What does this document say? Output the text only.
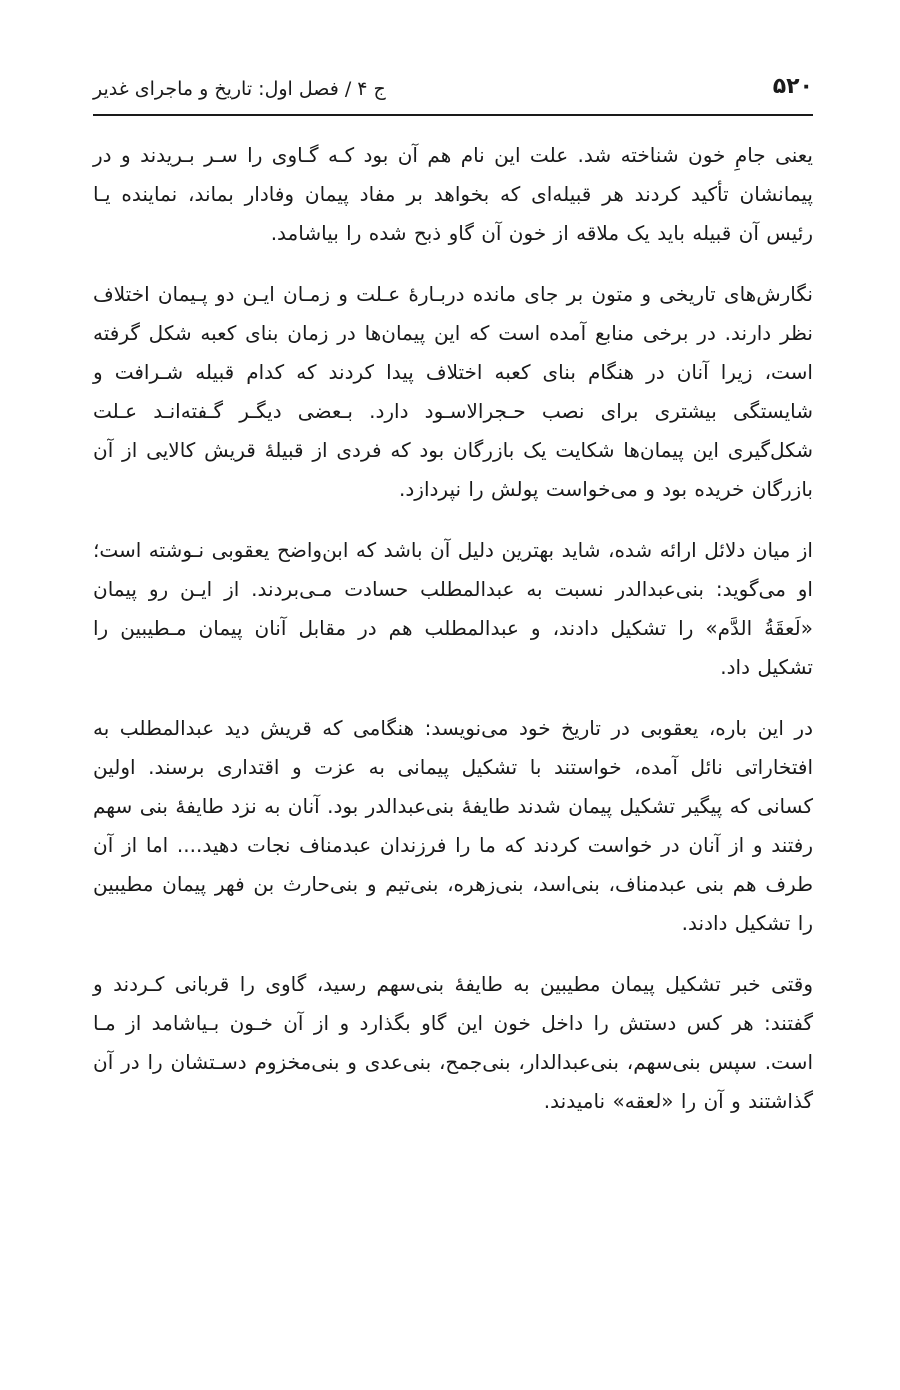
۵۲۰
ج ۴ / فصل اول: تاریخ و ماجرای غدیر

یعنی جامِ خون شناخته شد. علت این نام هم آن بود کـه گـاوی را سـر بـریدند و در پیمانشان تأکید کردند هر قبیله‌ای که بخواهد بر مفاد پیمان وفادار بماند، نماینده یـا رئیس آن قبیله باید یک ملاقه از خون آن گاو ذبح شده را بیاشامد.

نگارش‌های تاریخی و متون بر جای مانده دربـارهٔ عـلت و زمـان ایـن دو پـیمان اختلاف نظر دارند. در برخی منابع آمده است که این پیمان‌ها در زمان بنای کعبه شکل گرفته است، زیرا آنان در هنگام بنای کعبه اختلاف پیدا کردند که کدام قبیله شـرافت و شایستگی بیشتری برای نصب حـجرالاسـود دارد. بـعضی دیگـر گـفته‌انـد عـلت شکل‌گیری این پیمان‌ها شکایت یک بازرگان بود که فردی از قبیلهٔ قریش کالایی از آن بازرگان خریده بود و می‌خواست پولش را نپردازد.

از میان دلائل ارائه شده، شاید بهترین دلیل آن باشد که ابن‌واضح یعقوبی نـوشته است؛ او می‌گوید: بنی‌عبدالدر نسبت به عبدالمطلب حسادت مـی‌بردند. از ایـن رو پیمان «لَعقَةُ الدَّم» را تشکیل دادند، و عبدالمطلب هم در مقابل آنان پیمان مـطیبین را تشکیل داد.

در این باره، یعقوبی در تاریخ خود می‌نویسد: هنگامی که قریش دید عبدالمطلب به افتخاراتی نائل آمده، خواستند با تشکیل پیمانی به عزت و اقتداری برسند. اولین کسانی که پیگیر تشکیل پیمان شدند طایفهٔ بنی‌عبدالدر بود. آنان به نزد طایفهٔ بنی سهم رفتند و از آنان در خواست کردند که ما را فرزندان عبدمناف نجات دهید.... اما از آن طرف هم بنی عبدمناف، بنی‌اسد، بنی‌زهره، بنی‌تیم و بنی‌حارث بن فهر پیمان مطیبین را تشکیل دادند.

وقتی خبر تشکیل پیمان مطیبین به طایفهٔ بنی‌سهم رسید، گاوی را قربانی کـردند و گفتند: هر کس دستش را داخل خون این گاو بگذارد و از آن خـون بـیاشامد از مـا است. سپس بنی‌سهم، بنی‌عبدالدار، بنی‌جمح، بنی‌عدی و بنی‌مخزوم دسـتشان را در آن گذاشتند و آن را «لعقه» نامیدند.
